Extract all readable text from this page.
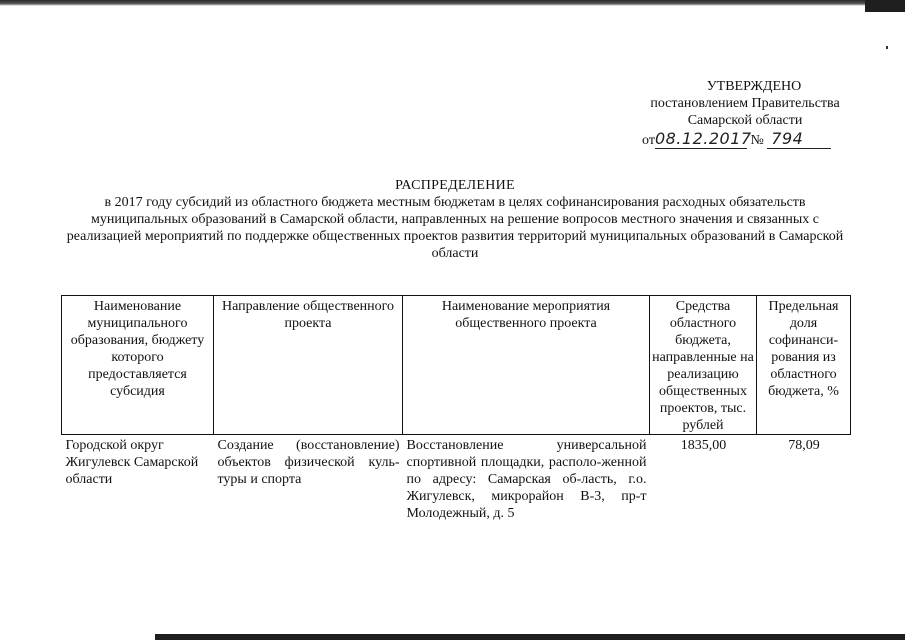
УТВЕРЖДЕНО
постановлением Правительства
Самарской области
от08.12.2017 № 794
РАСПРЕДЕЛЕНИЕ
в 2017 году субсидий из областного бюджета местным бюджетам в целях софинансирования расходных обязательств муниципальных образований в Самарской области, направленных на решение вопросов местного значения и связанных с реализацией мероприятий по поддержке общественных проектов развития территорий муниципальных образований в Самарской области
Наименование муниципального образования, бюджету которого предоставляется субсидия	Направление общественного проекта	Наименование мероприятия общественного проекта	Средства областного бюджета, направленные на реализацию общественных проектов, тыс. рублей	Предельная доля софинанси-рования из областного бюджета, %
Городской округ Жигулевск Самарской области	Создание (восстановление) объектов физической куль-туры и спорта	Восстановление универсальной спортивной площадки, располо-женной по адресу: Самарская об-ласть, г.о. Жигулевск, микрорайон В-3, пр-т Молодежный, д. 5	1835,00	78,09
